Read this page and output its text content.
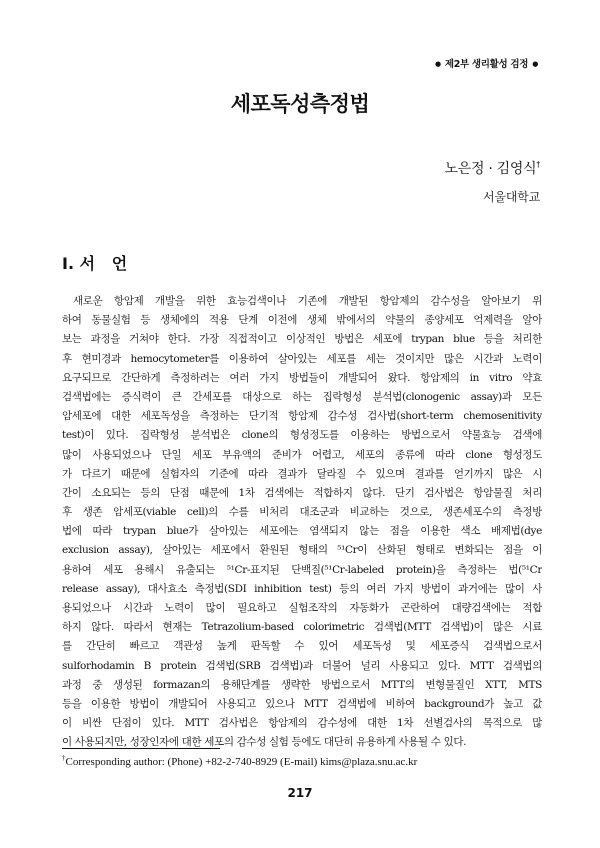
● 제2부 생리활성 검정 ●
세포독성측정법
노은정 · 김영식†
서울대학교
I. 서   언
새로운 항암제 개발을 위한 효능검색이나 기존에 개발된 항암제의 감수성을 알아보기 위
하여 동물실험 등 생체에의 적용 단계 이전에 생체 밖에서의 약물의 종양세포 억제력을 알아
보는 과정을 거쳐야 한다. 가장 직접적이고 이상적인 방법은 세포에 trypan blue 등을 처리한
후 현미경과 hemocytometer를 이용하여 살아있는 세포를 세는 것이지만 많은 시간과 노력이
요구되므로 간단하게 측정하려는 여러 가지 방법들이 개발되어 왔다. 항암제의 in vitro 약효
검색법에는 증식력이 큰 간세포를 대상으로 하는 집락형성 분석법(clonogenic assay)과 모든
암세포에 대한 세포독성을 측정하는 단기적 항암제 감수성 검사법(short-term chemosenitivity
test)이 있다. 집락형성 분석법은 clone의 형성정도를 이용하는 방법으로서 약물효능 검색에
많이 사용되었으나 단일 세포 부유액의 준비가 어렵고, 세포의 종류에 따라 clone 형성정도
가 다르기 때문에 실험자의 기준에 따라 결과가 달라질 수 있으며 결과를 얻기까지 많은 시
간이 소요되는 등의 단점 때문에 1차 검색에는 적합하지 않다. 단기 검사법은 항암물질 처리
후 생존 암세포(viable cell)의 수를 비처리 대조군과 비교하는 것으로, 생존세포수의 측정방
법에 따라 trypan blue가 살아있는 세포에는 염색되지 않는 점을 이용한 색소 배제법(dye
exclusion assay), 살아있는 세포에서 환원된 형태의 ⁵¹Cr이 산화된 형태로 변화되는 점을 이
용하여 세포 용해시 유출되는 ⁵¹Cr-표지된 단백질(⁵¹Cr-labeled protein)을 측정하는 법(⁵¹Cr
release assay), 대사효소 측정법(SDI inhibition test) 등의 여러 가지 방법이 과거에는 많이 사
용되었으나 시간과 노력이 많이 필요하고 실험조작의 자동화가 곤란하여 대량검색에는 적합
하지 않다. 따라서 현재는 Tetrazolium-based colorimetric 검색법(MTT 검색법)이 많은 시료
를 간단히 빠르고 객관성 높게 판독할 수 있어 세포독성 및 세포증식 검색법으로서
sulforhodamin B protein 검색법(SRB 검색법)과 더불어 널리 사용되고 있다. MTT 검색법의
과정 중 생성된 formazan의 용해단계를 생략한 방법으로서 MTT의 변형물질인 XTT, MTS
등을 이용한 방법이 개발되어 사용되고 있으나 MTT 검색법에 비하여 background가 높고 값
이 비싼 단점이 있다. MTT 검사법은 항암제의 감수성에 대한 1차 선별검사의 목적으로 많
이 사용되지만, 성장인자에 대한 세포의 감수성 실험 등에도 대단히 유용하게 사용될 수 있다.
†Corresponding author: (Phone) +82-2-740-8929 (E-mail) kims@plaza.snu.ac.kr
217
